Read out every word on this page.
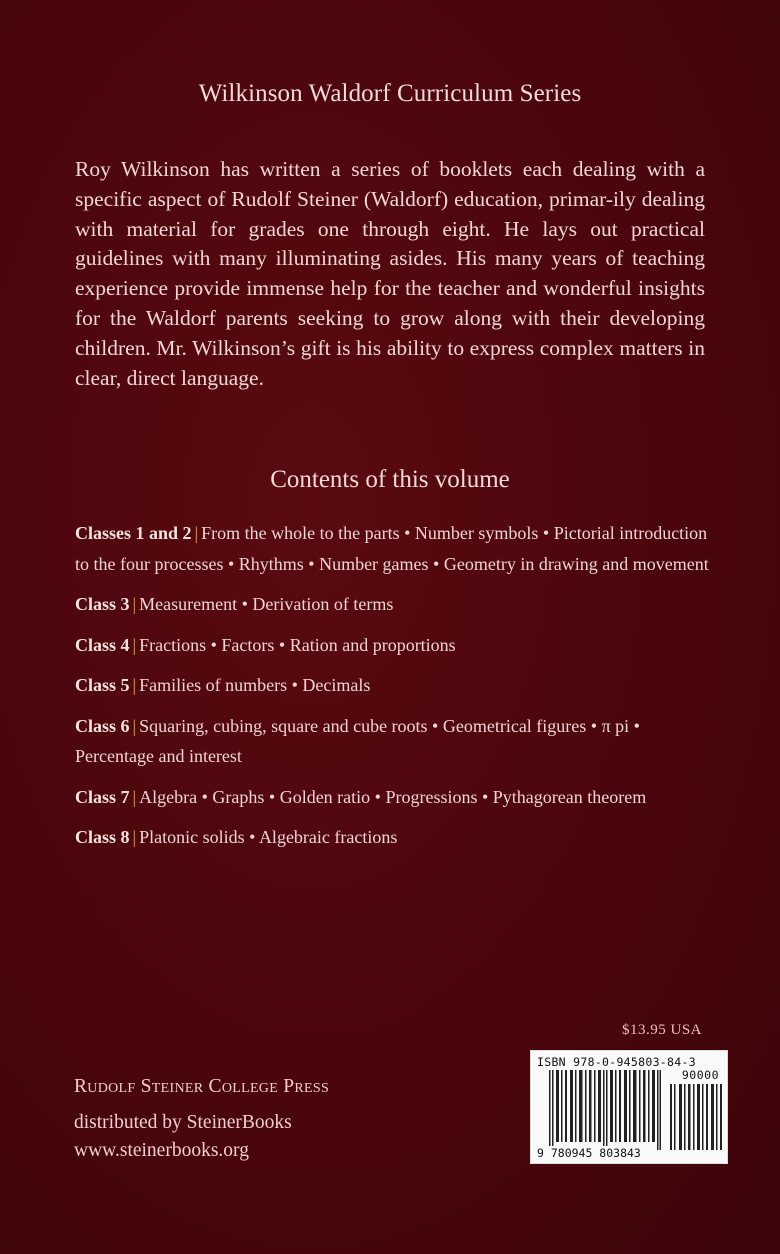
Wilkinson Waldorf Curriculum Series

Roy Wilkinson has written a series of booklets each dealing with a specific aspect of Rudolf Steiner (Waldorf) education, primar-ily dealing with material for grades one through eight. He lays out practical guidelines with many illuminating asides. His many years of teaching experience provide immense help for the teacher and wonderful insights for the Waldorf parents seeking to grow along with their developing children. Mr. Wilkinson’s gift is his ability to express complex matters in clear, direct language.

Contents of this volume
Classes 1 and 2 | From the whole to the parts • Number symbols • Pictorial introduction to the four processes • Rhythms • Number games • Geometry in drawing and movement
Class 3 | Measurement • Derivation of terms
Class 4 | Fractions • Factors • Ration and proportions
Class 5 | Families of numbers • Decimals
Class 6 | Squaring, cubing, square and cube roots • Geometrical figures • π pi • Percentage and interest
Class 7 | Algebra • Graphs • Golden ratio • Progressions • Pythagorean theorem
Class 8 | Platonic solids • Algebraic fractions
$13.95 USA
ISBN 978-0-945803-84-3
90000
9 780945 803843
Rudolf Steiner College Press
distributed by SteinerBooks
www.steinerbooks.org
